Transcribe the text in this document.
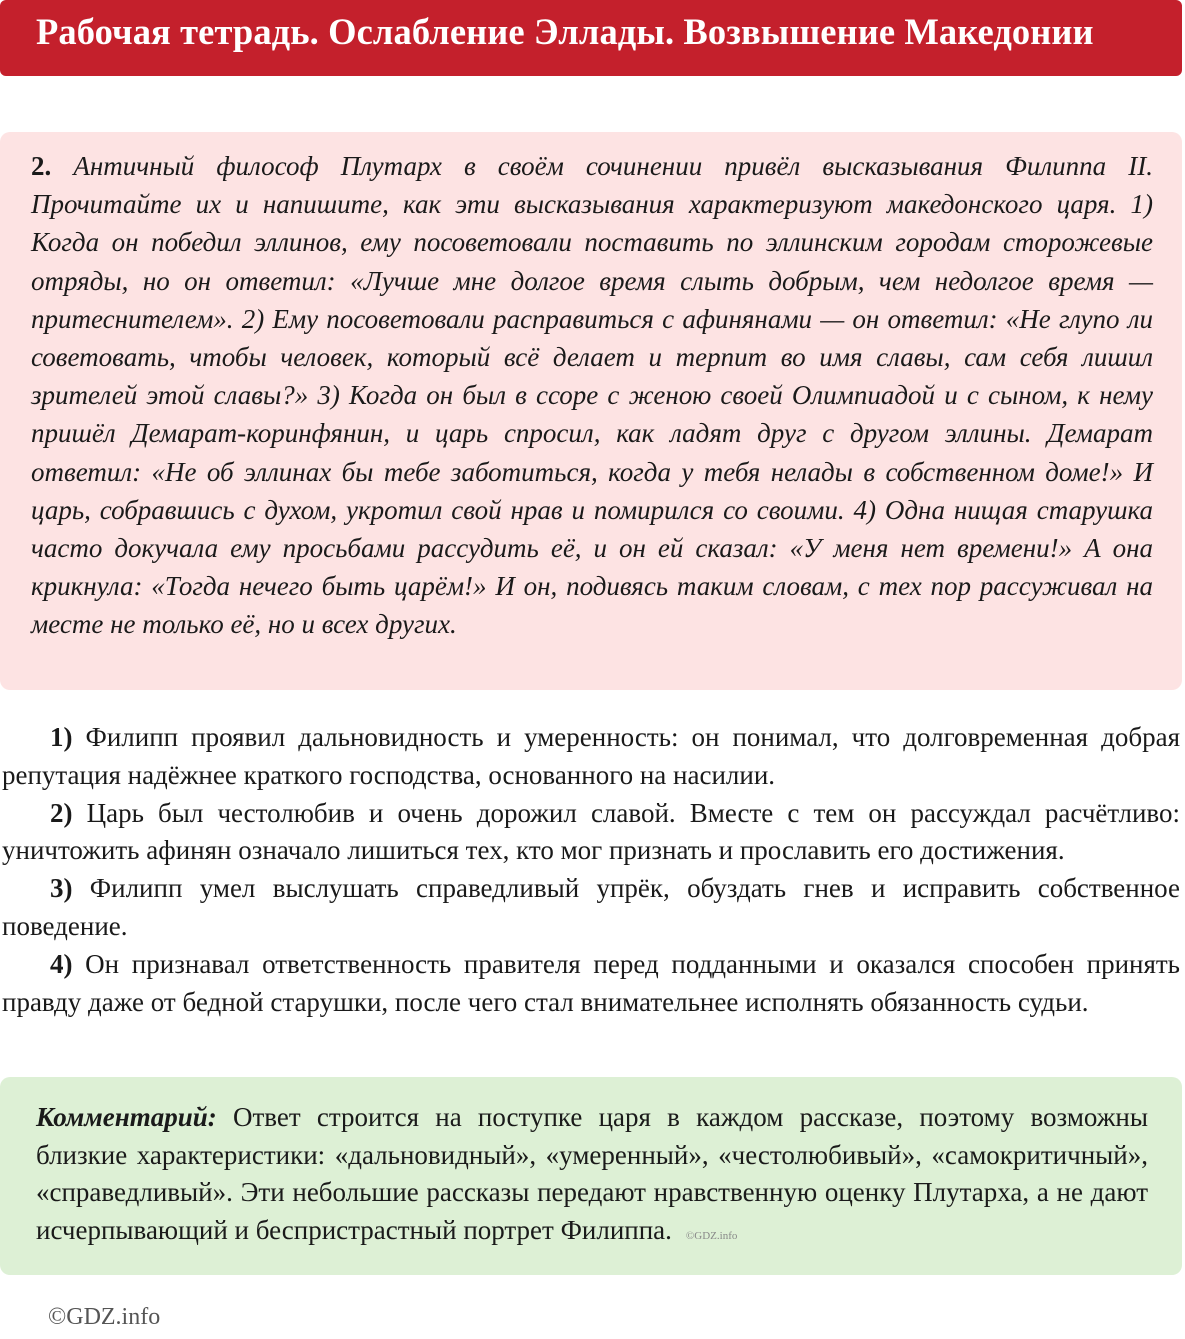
Рабочая тетрадь. Ослабление Эллады. Возвышение Македонии
2. Античный философ Плутарх в своём сочинении привёл высказывания Филиппа II. Прочитайте их и напишите, как эти высказывания характеризуют македонского царя. 1) Когда он победил эллинов, ему посоветовали поставить по эллинским городам сторожевые отряды, но он ответил: «Лучше мне долгое время слыть добрым, чем недолгое время — притеснителем». 2) Ему посоветовали расправиться с афинянами — он ответил: «Не глупо ли советовать, чтобы человек, который всё делает и терпит во имя славы, сам себя лишил зрителей этой славы?» 3) Когда он был в ссоре с женою своей Олимпиадой и с сыном, к нему пришёл Демарат-коринфянин, и царь спросил, как ладят друг с другом эллины. Демарат ответил: «Не об эллинах бы тебе заботиться, когда у тебя нелады в собственном доме!» И царь, собравшись с духом, укротил свой нрав и помирился со своими. 4) Одна нищая старушка часто докучала ему просьбами рассудить её, и он ей сказал: «У меня нет времени!» А она крикнула: «Тогда нечего быть царём!» И он, подивясь таким словам, с тех пор рассуживал на месте не только её, но и всех других.

1) Филипп проявил дальновидность и умеренность: он понимал, что долговременная добрая репутация надёжнее краткого господства, основанного на насилии.

2) Царь был честолюбив и очень дорожил славой. Вместе с тем он рассуждал расчётливо: уничтожить афинян означало лишиться тех, кто мог признать и прославить его достижения.

3) Филипп умел выслушать справедливый упрёк, обуздать гнев и исправить собственное поведение.

4) Он признавал ответственность правителя перед подданными и оказался способен принять правду даже от бедной старушки, после чего стал внимательнее исполнять обязанность судьи.

Комментарий: Ответ строится на поступке царя в каждом рассказе, поэтому возможны близкие характеристики: «дальновидный», «умеренный», «честолюбивый», «самокритичный», «справедливый». Эти небольшие рассказы передают нравственную оценку Плутарха, а не дают исчерпывающий и беспристрастный портрет Филиппа. ©GDZ.info
©GDZ.info
